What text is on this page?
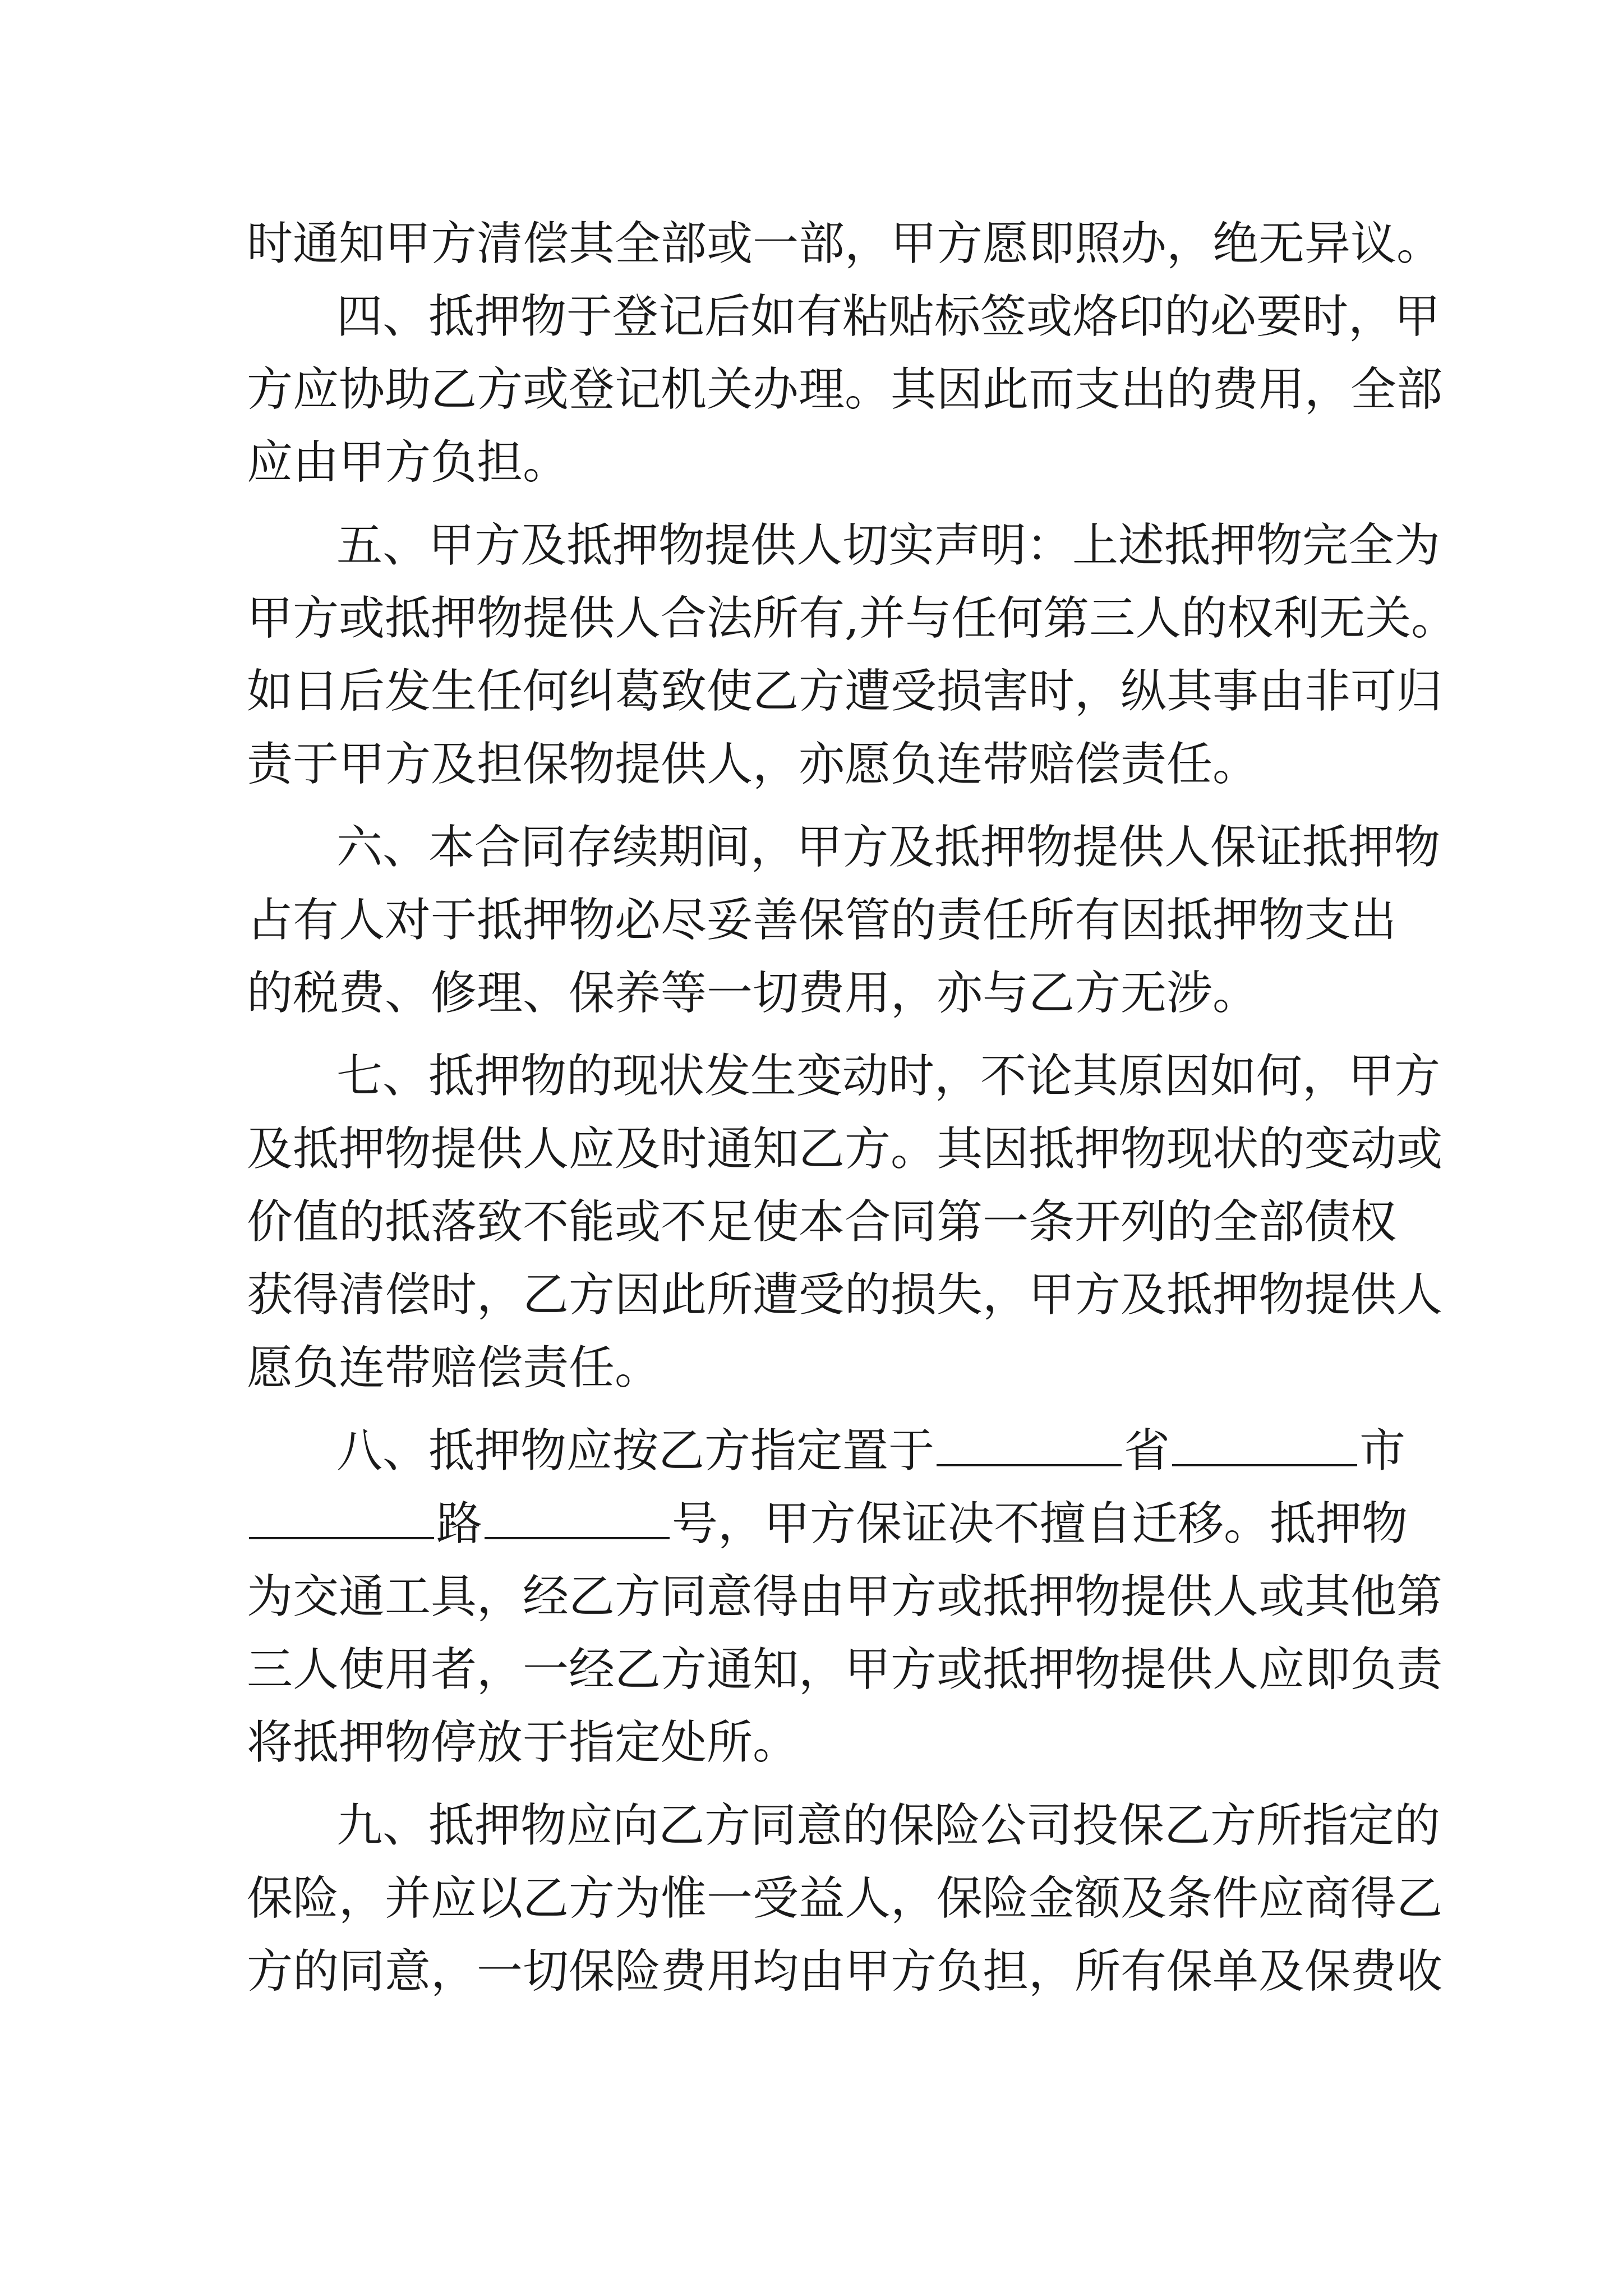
时通知甲方清偿其全部或一部，甲方愿即照办，绝无异议。
四、抵押物于登记后如有粘贴标签或烙印的必要时，甲
方应协助乙方或登记机关办理。其因此而支出的费用，全部
应由甲方负担。
五、甲方及抵押物提供人切实声明：上述抵押物完全为
甲方或抵押物提供人合法所有,并与任何第三人的权利无关。
如日后发生任何纠葛致使乙方遭受损害时，纵其事由非可归
责于甲方及担保物提供人，亦愿负连带赔偿责任。
六、本合同存续期间，甲方及抵押物提供人保证抵押物
占有人对于抵押物必尽妥善保管的责任所有因抵押物支出
的税费、修理、保养等一切费用，亦与乙方无涉。
七、抵押物的现状发生变动时，不论其原因如何，甲方
及抵押物提供人应及时通知乙方。其因抵押物现状的变动或
价值的抵落致不能或不足使本合同第一条开列的全部债权
获得清偿时，乙方因此所遭受的损失，甲方及抵押物提供人
愿负连带赔偿责任。
八、抵押物应按乙方指定置于	省	市
路	号，甲方保证决不擅自迁移。抵押物
为交通工具，经乙方同意得由甲方或抵押物提供人或其他第
三人使用者，一经乙方通知，甲方或抵押物提供人应即负责
将抵押物停放于指定处所。
九、抵押物应向乙方同意的保险公司投保乙方所指定的
保险，并应以乙方为惟一受益人，保险金额及条件应商得乙
方的同意，一切保险费用均由甲方负担，所有保单及保费收
